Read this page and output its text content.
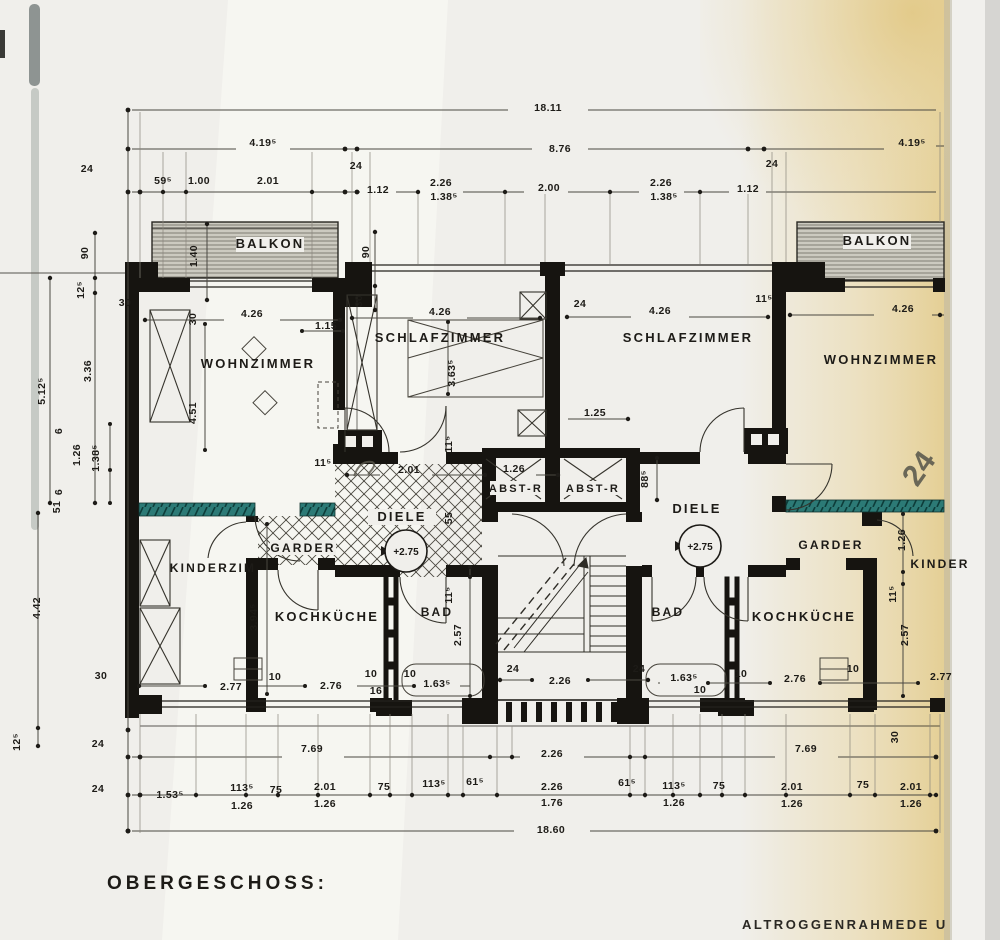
BALKON	BALKON
WOHNZIMMER
SCHLAFZIMMER	SCHLAFZIMMER
WOHNZIMMER
DIELE
DIELE
ABST-R ABST-R
GARDER	GARDER
KINDERZIM	KINDER
KOCHKÜCHE	KOCHKÜCHE
BAD	BAD
18.11
4.19⁵	8.76	4.19⁵
24
59⁵ 1.00	2.01
24
1.12
2.26
1.38⁵
2.00	2.26
1.38⁵
1.12
24
90
12⁵
30
3.36
5.12⁵
6
1.26 1.38⁵
6
51
4.42
30
12⁵	24
24
1.40	90
30
30	4.26
1.15
4.26
24
4.26
11⁵
4.26
4.51
3.63⁵
1.25
11⁵
11⁵
2.01	1.26
88⁵
55
1.26
11⁵
2.57
11⁵
2.57
3.94⁵
2.77
10
2.76
10
16
10
1.63⁵
24
2.26
24
1.63⁵
10
10	2.76
10
2.77
30
7.69	2.26	7.69
1.53⁵
113⁵
1.26
75	2.01
1.26
75	113⁵ 61⁵	2.26
1.76
61⁵	113⁵
1.26
75	2.01
1.26
75	2.01
1.26
18.60
+2.75	+2.75
24
OBERGESCHOSS:
ALTROGGENRAHMEDE U
